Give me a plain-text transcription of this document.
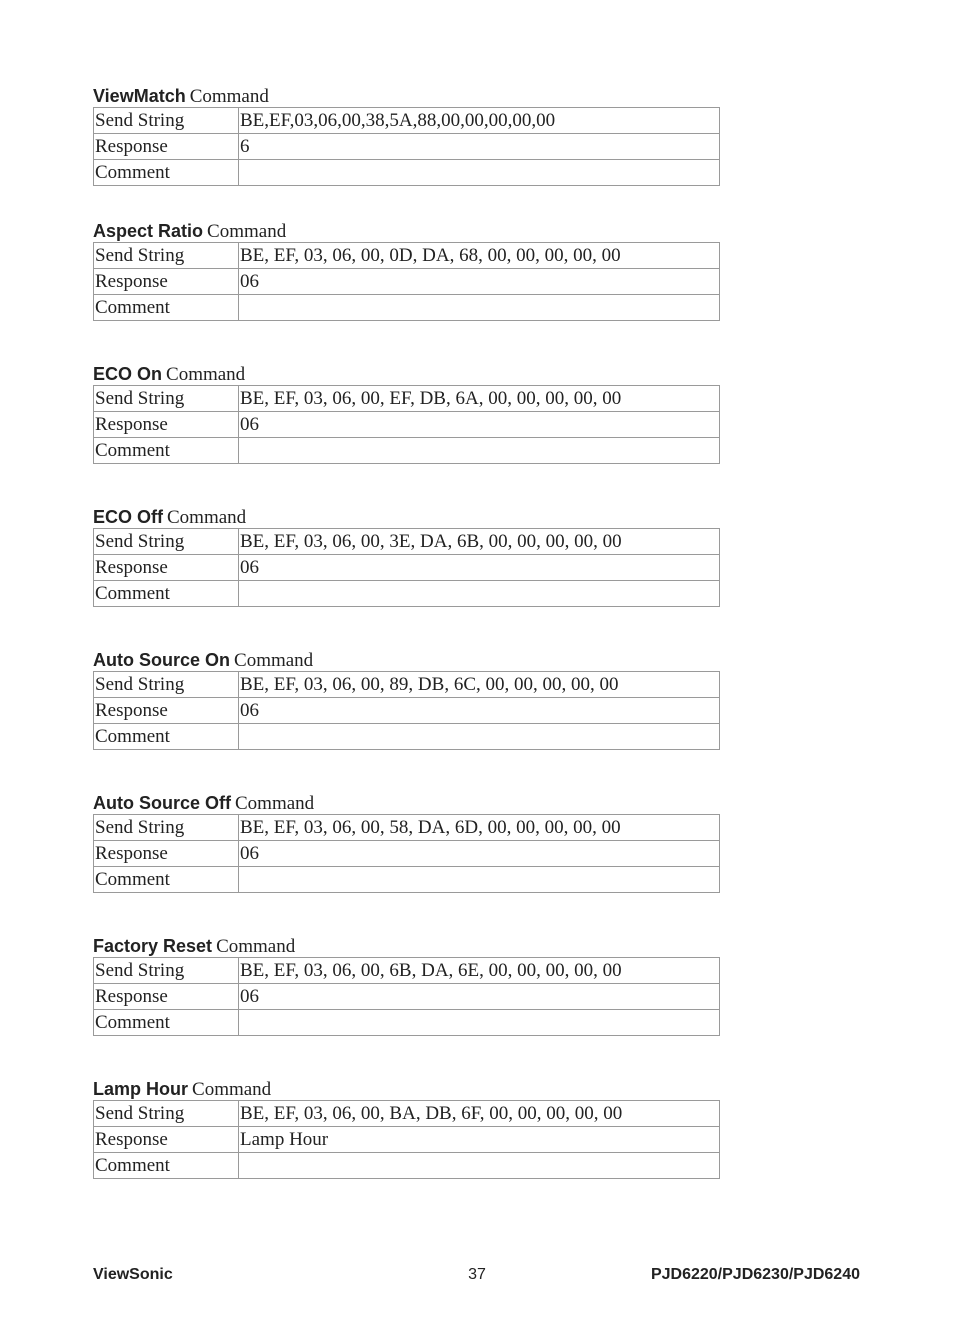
ViewMatch Command
Send String	BE,EF,03,06,00,38,5A,88,00,00,00,00,00
Response	6
Comment	
Aspect Ratio Command
Send String	BE, EF, 03, 06, 00, 0D, DA, 68, 00, 00, 00, 00, 00
Response	06
Comment	
ECO On Command
Send String	BE, EF, 03, 06, 00, EF, DB, 6A, 00, 00, 00, 00, 00
Response	06
Comment	
ECO Off Command
Send String	BE, EF, 03, 06, 00, 3E, DA, 6B, 00, 00, 00, 00, 00
Response	06
Comment	
Auto Source On Command
Send String	BE, EF, 03, 06, 00, 89, DB, 6C, 00, 00, 00, 00, 00
Response	06
Comment	
Auto Source Off Command
Send String	BE, EF, 03, 06, 00, 58, DA, 6D, 00, 00, 00, 00, 00
Response	06
Comment	
Factory Reset Command
Send String	BE, EF, 03, 06, 00, 6B, DA, 6E, 00, 00, 00, 00, 00
Response	06
Comment	
Lamp Hour Command
Send String	BE, EF, 03, 06, 00, BA, DB, 6F, 00, 00, 00, 00, 00
Response	Lamp Hour
Comment	
ViewSonic	37	PJD6220/PJD6230/PJD6240
